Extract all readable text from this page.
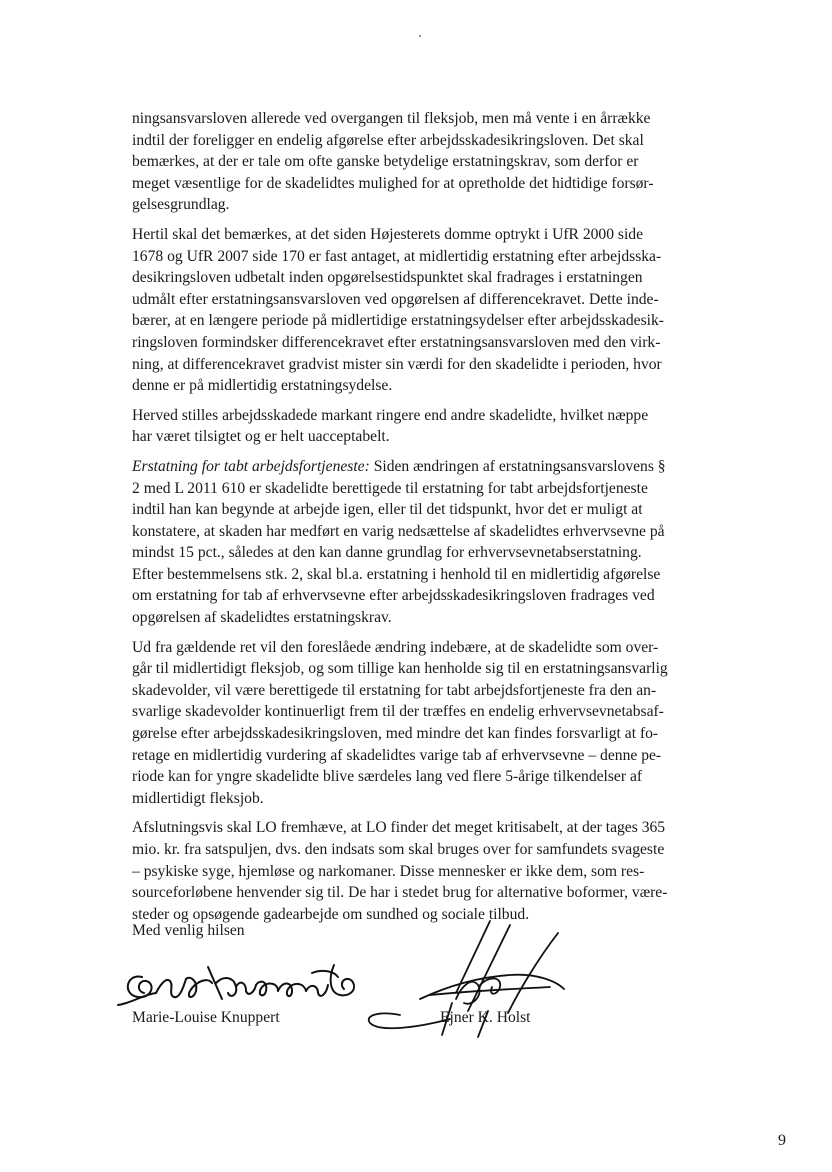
ningsansvarsloven allerede ved overgangen til fleksjob, men må vente i en årrække
indtil der foreligger en endelig afgørelse efter arbejdsskadesikringsloven. Det skal
bemærkes, at der er tale om ofte ganske betydelige erstatningskrav, som derfor er
meget væsentlige for de skadelidtes mulighed for at opretholde det hidtidige forsør-
gelsesgrundlag.

Hertil skal det bemærkes, at det siden Højesterets domme optrykt i UfR 2000 side
1678 og UfR 2007 side 170 er fast antaget, at midlertidig erstatning efter arbejdsska-
desikringsloven udbetalt inden opgørelsestidspunktet skal fradrages i erstatningen
udmålt efter erstatningsansvarsloven ved opgørelsen af differencekravet. Dette inde-
bærer, at en længere periode på midlertidige erstatningsydelser efter arbejdsskadesik-
ringsloven formindsker differencekravet efter erstatningsansvarsloven med den virk-
ning, at differencekravet gradvist mister sin værdi for den skadelidte i perioden, hvor
denne er på midlertidig erstatningsydelse.

Herved stilles arbejdsskadede markant ringere end andre skadelidte, hvilket næppe
har været tilsigtet og er helt uacceptabelt.

Erstatning for tabt arbejdsfortjeneste: Siden ændringen af erstatningsansvarslovens §
2 med L 2011 610 er skadelidte berettigede til erstatning for tabt arbejdsfortjeneste
indtil han kan begynde at arbejde igen, eller til det tidspunkt, hvor det er muligt at
konstatere, at skaden har medført en varig nedsættelse af skadelidtes erhvervsevne på
mindst 15 pct., således at den kan danne grundlag for erhvervsevnetabserstatning.
Efter bestemmelsens stk. 2, skal bl.a. erstatning i henhold til en midlertidig afgørelse
om erstatning for tab af erhvervsevne efter arbejdsskadesikringsloven fradrages ved
opgørelsen af skadelidtes erstatningskrav.

Ud fra gældende ret vil den foreslåede ændring indebære, at de skadelidte som over-
går til midlertidigt fleksjob, og som tillige kan henholde sig til en erstatningsansvarlig
skadevolder, vil være berettigede til erstatning for tabt arbejdsfortjeneste fra den an-
svarlige skadevolder kontinuerligt frem til der træffes en endelig erhvervsevnetabsaf-
gørelse efter arbejdsskadesikringsloven, med mindre det kan findes forsvarligt at fo-
retage en midlertidig vurdering af skadelidtes varige tab af erhvervsevne – denne pe-
riode kan for yngre skadelidte blive særdeles lang ved flere 5-årige tilkendelser af
midlertidigt fleksjob.

Afslutningsvis skal LO fremhæve, at LO finder det meget kritisabelt, at der tages 365
mio. kr. fra satspuljen, dvs. den indsats som skal bruges over for samfundets svageste
– psykiske syge, hjemløse og narkomaner. Disse mennesker er ikke dem, som res-
sourceforløbene henvender sig til. De har i stedet brug for alternative boformer, være-
steder og opsøgende gadearbejde om sundhed og sociale tilbud.

Med venlig hilsen
Marie-Louise Knuppert	Ejner K. Holst
9
